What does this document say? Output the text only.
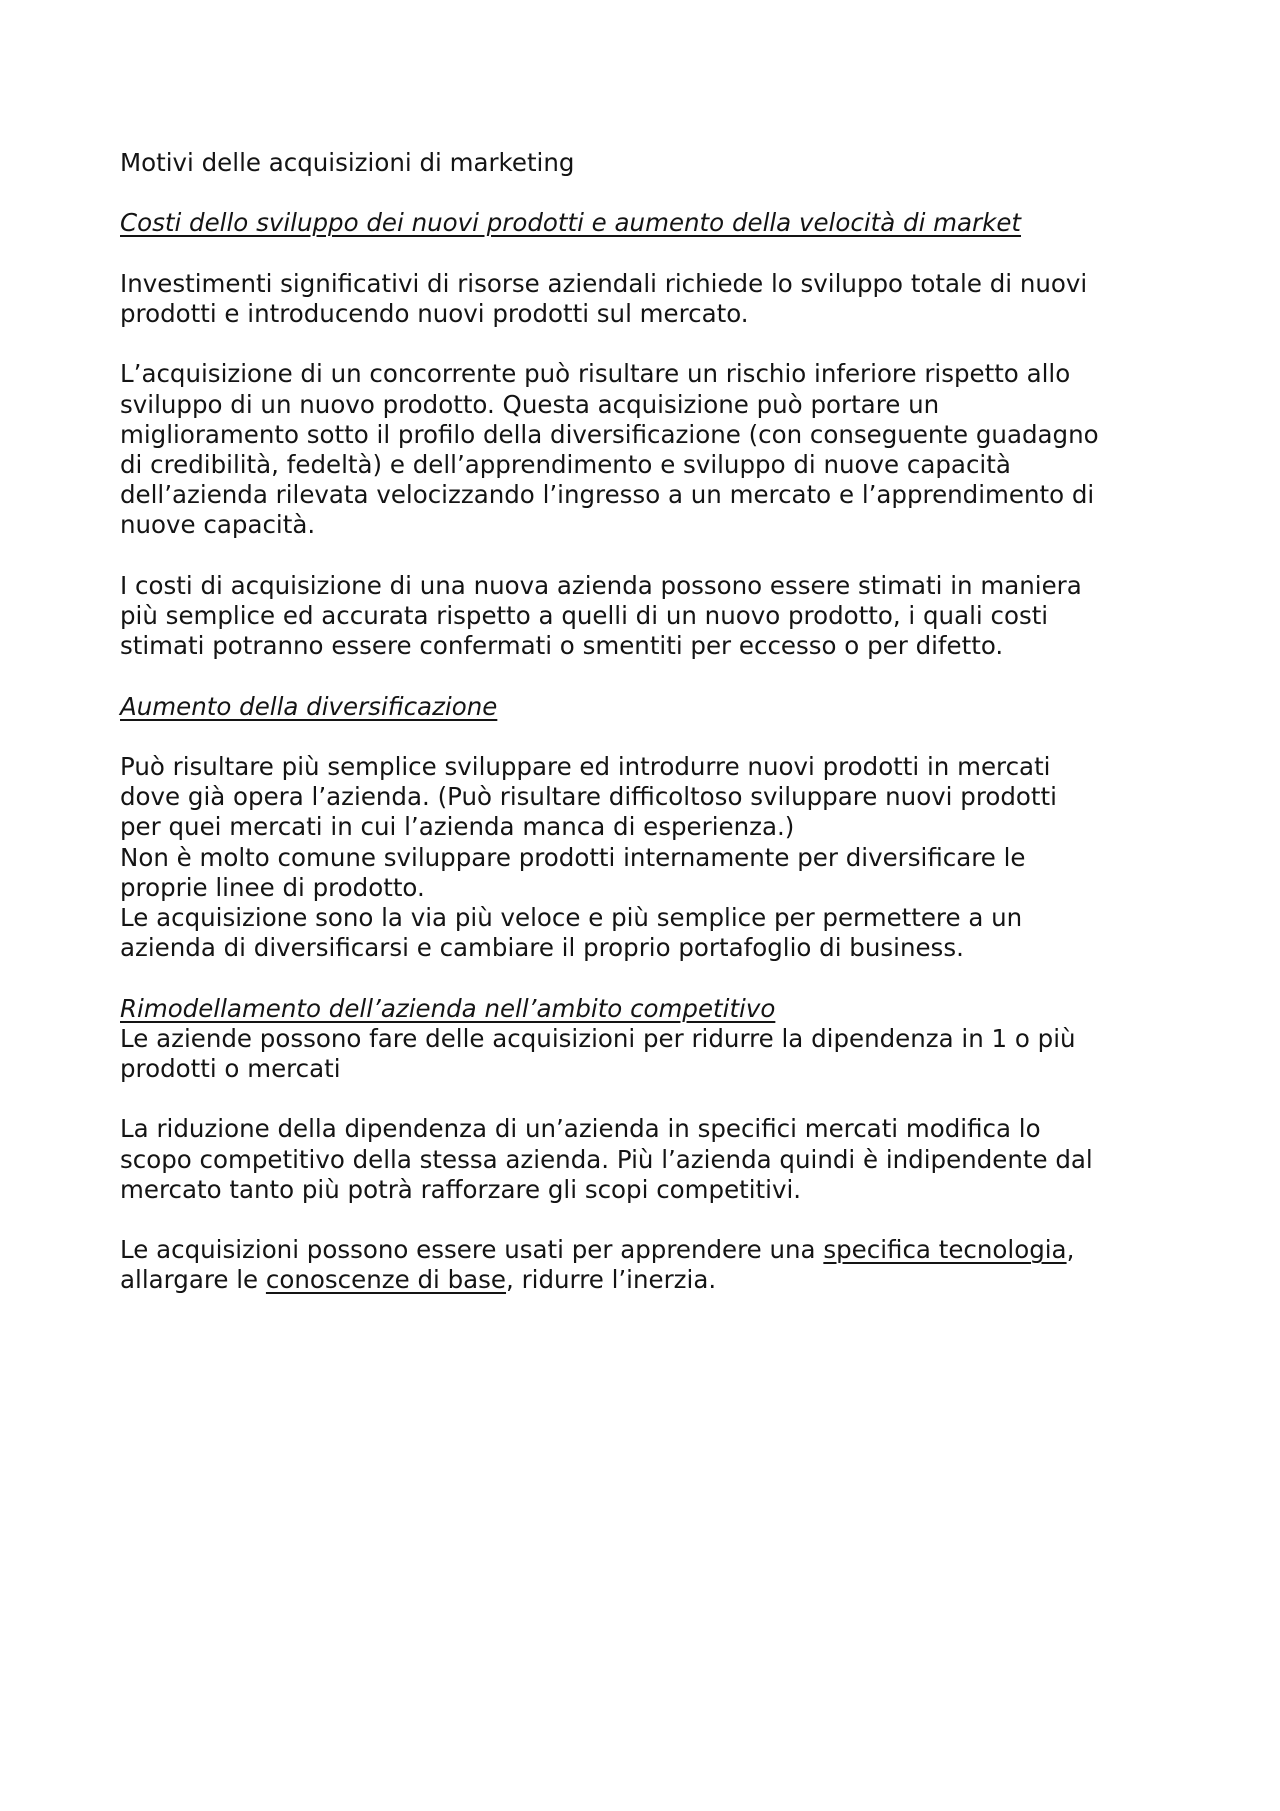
Motivi delle acquisizioni di marketing

Costi dello sviluppo dei nuovi prodotti e aumento della velocità di market

Investimenti significativi di risorse aziendali richiede lo sviluppo totale di nuovi

prodotti e introducendo nuovi prodotti sul mercato.

L’acquisizione di un concorrente può risultare un rischio inferiore rispetto allo

sviluppo di un nuovo prodotto. Questa acquisizione può portare un

miglioramento sotto il profilo della diversificazione (con conseguente guadagno

di credibilità, fedeltà) e dell’apprendimento e sviluppo di nuove capacità

dell’azienda rilevata velocizzando l’ingresso a un mercato e l’apprendimento di

nuove capacità.

I costi di acquisizione di una nuova azienda possono essere stimati in maniera

più semplice ed accurata rispetto a quelli di un nuovo prodotto, i quali costi

stimati potranno essere confermati o smentiti per eccesso o per difetto.

Aumento della diversificazione

Può risultare più semplice sviluppare ed introdurre nuovi prodotti in mercati

dove già opera l’azienda. (Può risultare difficoltoso sviluppare nuovi prodotti

per quei mercati in cui l’azienda manca di esperienza.)

Non è molto comune sviluppare prodotti internamente per diversificare le

proprie linee di prodotto.

Le acquisizione sono la via più veloce e più semplice per permettere a un

azienda di diversificarsi e cambiare il proprio portafoglio di business.

Rimodellamento dell’azienda nell’ambito competitivo

Le aziende possono fare delle acquisizioni per ridurre la dipendenza in 1 o più

prodotti o mercati

La riduzione della dipendenza di un’azienda in specifici mercati modifica lo

scopo competitivo della stessa azienda. Più l’azienda quindi è indipendente dal

mercato tanto più potrà rafforzare gli scopi competitivi.

Le acquisizioni possono essere usati per apprendere una specifica tecnologia,

allargare le conoscenze di base, ridurre l’inerzia.
